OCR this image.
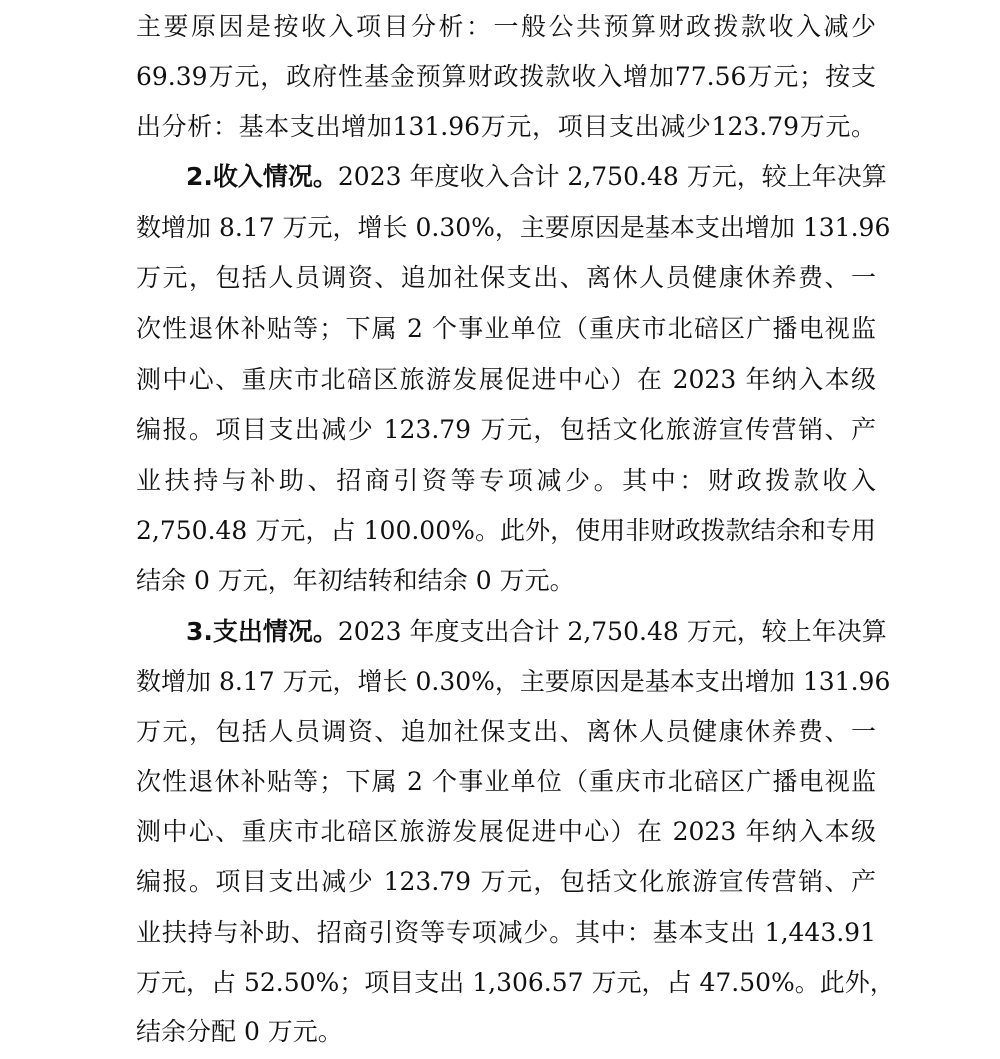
主要原因是按收入项目分析：一般公共预算财政拨款收入减少
69.39万元，政府性基金预算财政拨款收入增加77.56万元；按支
出分析：基本支出增加131.96万元，项目支出减少123.79万元。
2.收入情况。 2023 年度收入合计 2,750.48 万元，较上年决算
数增加 8.17 万元，增长 0.30%，主要原因是基本支出增加 131.96
万元，包括人员调资、追加社保支出、离休人员健康休养费、一
次性退休补贴等；下属 2 个事业单位（重庆市北碚区广播电视监
测中心、重庆市北碚区旅游发展促进中心）在 2023 年纳入本级
编报。项目支出减少 123.79 万元，包括文化旅游宣传营销、产
业扶持与补助、招商引资等专项减少。其中：财政拨款收入
2,750.48 万元，占 100.00%。此外，使用非财政拨款结余和专用
结余 0 万元，年初结转和结余 0 万元。
3.支出情况。 2023 年度支出合计 2,750.48 万元，较上年决算
数增加 8.17 万元，增长 0.30%，主要原因是基本支出增加 131.96
万元，包括人员调资、追加社保支出、离休人员健康休养费、一
次性退休补贴等；下属 2 个事业单位（重庆市北碚区广播电视监
测中心、重庆市北碚区旅游发展促进中心）在 2023 年纳入本级
编报。项目支出减少 123.79 万元，包括文化旅游宣传营销、产
业扶持与补助、招商引资等专项减少。其中：基本支出 1,443.91
万元，占 52.50%；项目支出 1,306.57 万元，占 47.50%。此外，
结余分配 0 万元。
